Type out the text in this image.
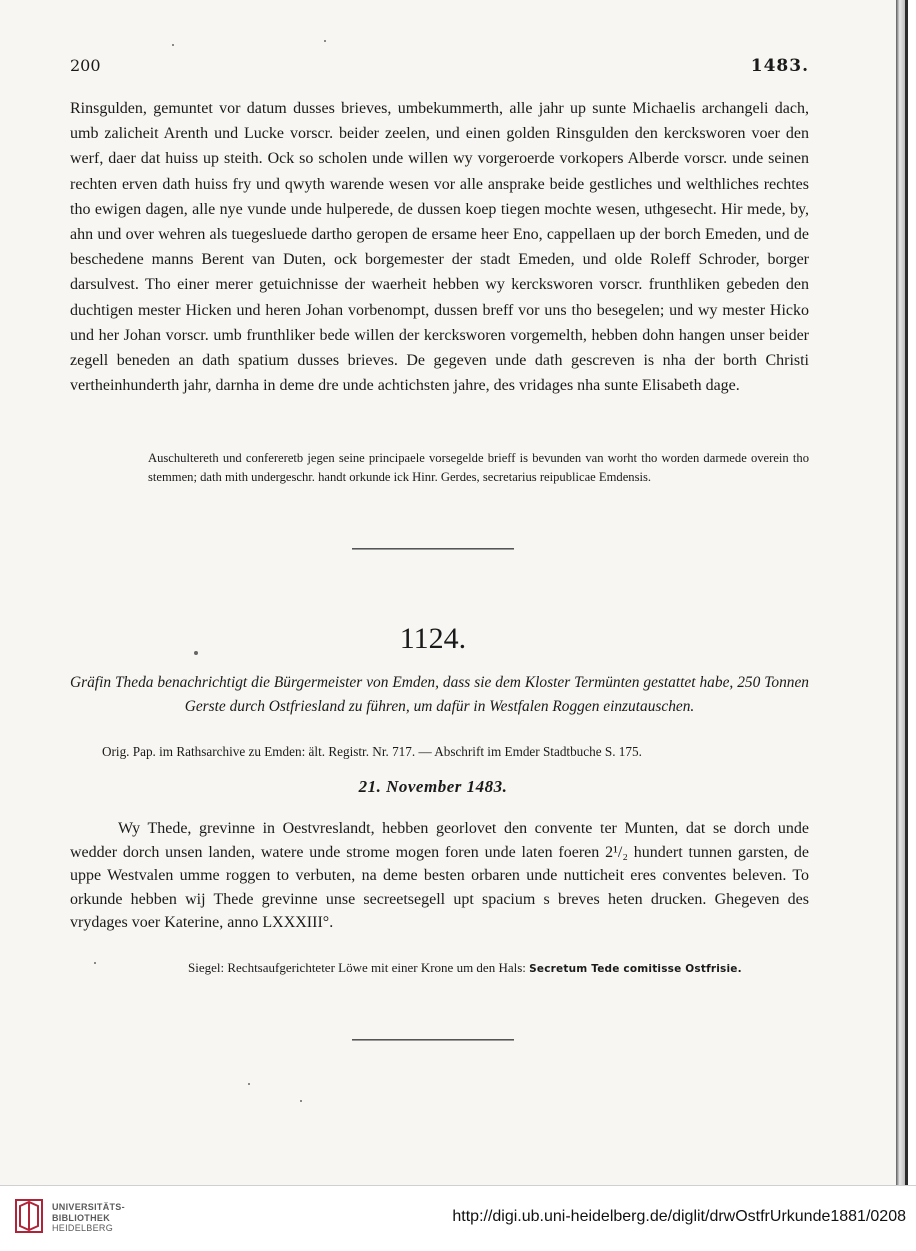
200	1483.

Rinsgulden, gemuntet vor datum dusses brieves, umbekummerth, alle jahr up sunte Michaelis archangeli dach, umb zalicheit Arenth und Lucke vorscr. beider zeelen, und einen golden Rinsgulden den kercksworen voer den werf, daer dat huiss up steith. Ock so scholen unde willen wy vorgeroerde vorkopers Alberde vorscr. unde seinen rechten erven dath huiss fry und qwyth warende wesen vor alle ansprake beide gestliches und welthliches rechtes tho ewigen dagen, alle nye vunde unde hulperede, de dussen koep tiegen mochte wesen, uthgesecht. Hir mede, by, ahn und over wehren als tuegesluede dartho geropen de ersame heer Eno, cappellaen up der borch Emeden, und de beschedene manns Berent van Duten, ock borgemester der stadt Emeden, und olde Roleff Schroder, borger darsulvest. Tho einer merer getuichnisse der waerheit hebben wy kercksworen vorscr. frunthliken gebeden den duchtigen mester Hicken und heren Johan vorbenompt, dussen breff vor uns tho besegelen; und wy mester Hicko und her Johan vorscr. umb frunthliker bede willen der kercksworen vorgemelth, hebben dohn hangen unser beider zegell beneden an dath spatium dusses brieves. De gegeven unde dath gescreven is nha der borth Christi vertheinhunderth jahr, darnha in deme dre unde achtichsten jahre, des vridages nha sunte Elisabeth dage.

Auschultereth und confereretb jegen seine principaele vorsegelde brieff is bevunden van worht tho worden darmede overein tho stemmen; dath mith undergeschr. handt orkunde ick Hinr. Gerdes, secretarius reipublicae Emdensis.

1124.

Gräfin Theda benachrichtigt die Bürgermeister von Emden, dass sie dem Kloster Termünten gestattet habe, 250 Tonnen Gerste durch Ostfriesland zu führen, um dafür in Westfalen Roggen einzutauschen.

Orig. Pap. im Rathsarchive zu Emden: ält. Registr. Nr. 717. — Abschrift im Emder Stadtbuche S. 175.

21. November 1483.

Wy Thede, grevinne in Oestvreslandt, hebben georlovet den convente ter Munten, dat se dorch unde wedder dorch unsen landen, watere unde strome mogen foren unde laten foeren 2¹/₂ hundert tunnen garsten, de uppe Westvalen umme roggen to verbuten, na deme besten orbaren unde nutticheit eres conventes beleven. To orkunde hebben wij Thede grevinne unse secreetsegell upt spacium s breves heten drucken. Ghegeven des vrydages voer Katerine, anno LXXXIII°.

Siegel: Rechtsaufgerichteter Löwe mit einer Krone um den Hals: Secretum Tede comitisse Ostfrisie.

UNIVERSITÄTS-
BIBLIOTHEK
HEIDELBERG
http://digi.ub.uni-heidelberg.de/diglit/drwOstfrUrkunde1881/0208
